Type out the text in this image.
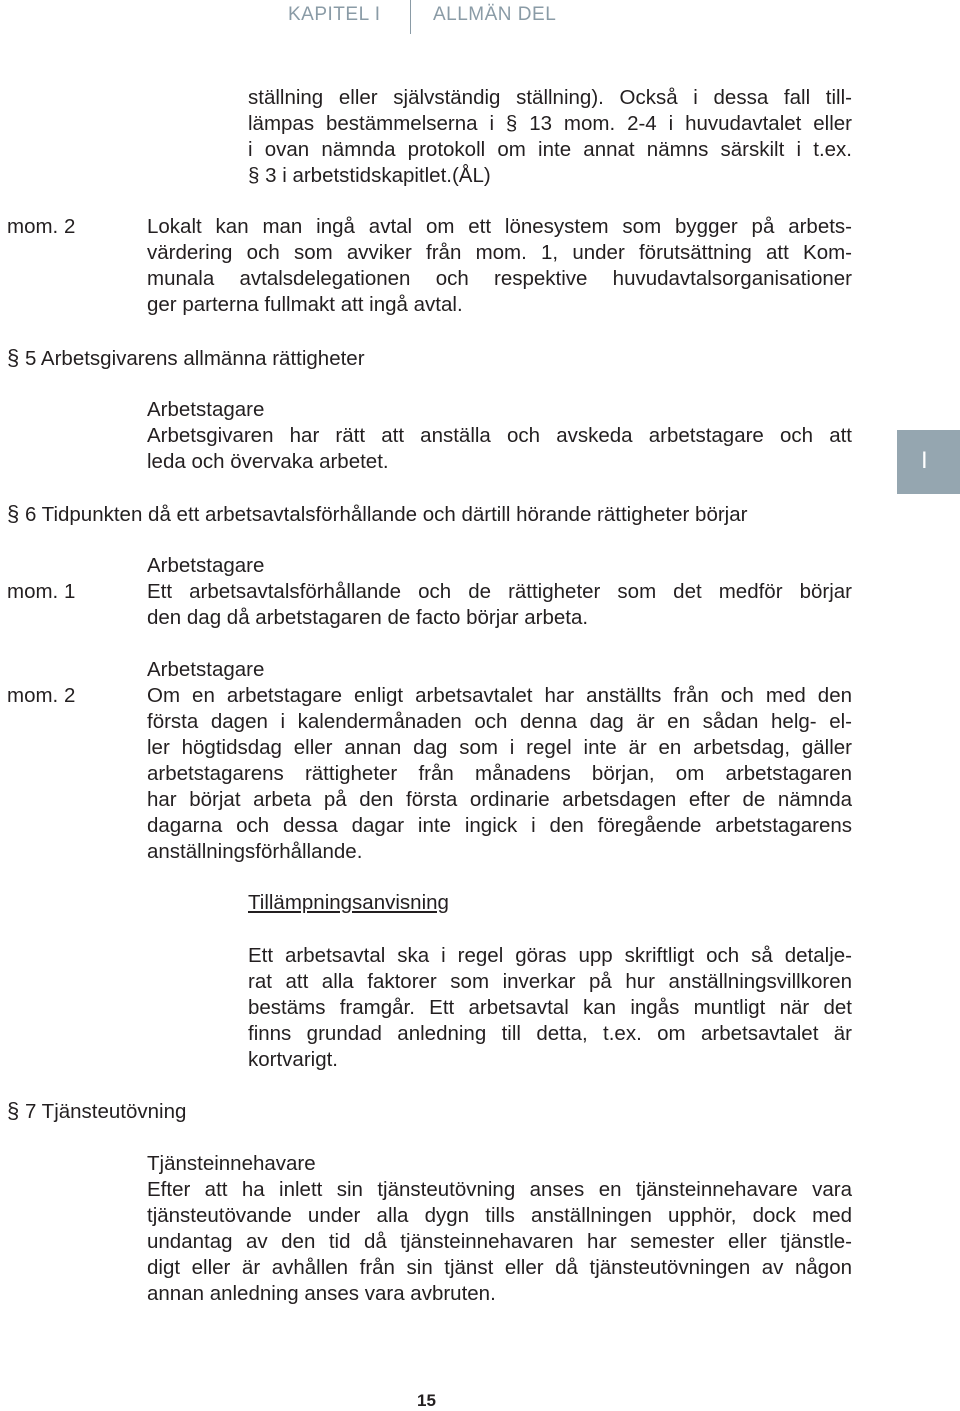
KAPITEL I	ALLMÄN DEL
I
ställning eller självständig ställning). Också i dessa fall till-
lämpas bestämmelserna i § 13 mom. 2-4 i huvudavtalet eller
i ovan nämnda protokoll om inte annat nämns särskilt i t.ex.
§ 3 i arbetstidskapitlet.(ÅL)
mom. 2	Lokalt kan man ingå avtal om ett lönesystem som bygger på arbets-
värdering och som avviker från mom. 1, under förutsättning att Kom-
munala avtalsdelegationen och respektive huvudavtalsorganisationer
ger parterna fullmakt att ingå avtal.
§ 5 Arbetsgivarens allmänna rättigheter
Arbetstagare
Arbetsgivaren har rätt att anställa och avskeda arbetstagare och att
leda och övervaka arbetet.
§ 6 Tidpunkten då ett arbetsavtalsförhållande och därtill hörande rättigheter börjar
mom. 1
Arbetstagare
Ett arbetsavtalsförhållande och de rättigheter som det medför börjar
den dag då arbetstagaren de facto börjar arbeta.
mom. 2
Arbetstagare
Om en arbetstagare enligt arbetsavtalet har anställts från och med den
första dagen i kalendermånaden och denna dag är en sådan helg- el-
ler högtidsdag eller annan dag som i regel inte är en arbetsdag, gäller
arbetstagarens rättigheter från månadens början, om arbetstagaren
har börjat arbeta på den första ordinarie arbetsdagen efter de nämnda
dagarna och dessa dagar inte ingick i den föregående arbetstagarens
anställningsförhållande.
Tillämpningsanvisning
Ett arbetsavtal ska i regel göras upp skriftligt och så detalje-
rat att alla faktorer som inverkar på hur anställningsvillkoren
bestäms framgår. Ett arbetsavtal kan ingås muntligt när det
finns grundad anledning till detta, t.ex. om arbetsavtalet är
kortvarigt.
§ 7 Tjänsteutövning
Tjänsteinnehavare
Efter att ha inlett sin tjänsteutövning anses en tjänsteinnehavare vara
tjänsteutövande under alla dygn tills anställningen upphör, dock med
undantag av den tid då tjänsteinnehavaren har semester eller tjänstle-
digt eller är avhållen från sin tjänst eller då tjänsteutövningen av någon
annan anledning anses vara avbruten.
15
